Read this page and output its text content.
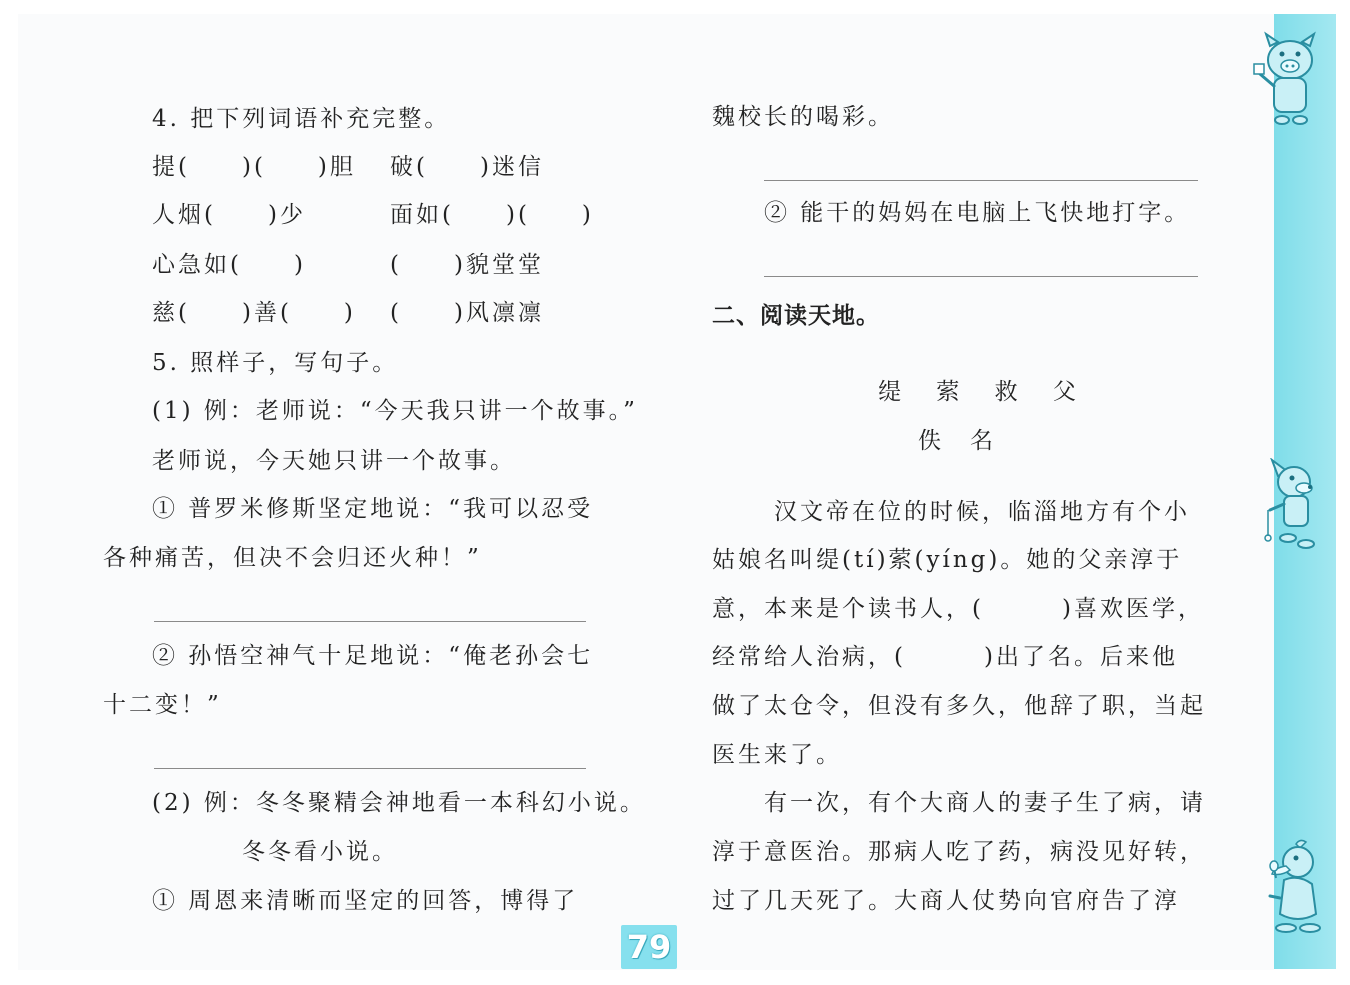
4. 把下列词语补充完整。
提(　　)(　　)胆 破(　　)迷信
人烟(　　)少	面如(　　)(　　)
心急如(　　)	(　　)貌堂堂
慈(　　)善(　　) (　　)风凛凛
5. 照样子，写句子。
(1) 例：老师说：“今天我只讲一个故事。”
老师说，今天她只讲一个故事。
① 普罗米修斯坚定地说：“我可以忍受
各种痛苦，但决不会归还火种！”
② 孙悟空神气十足地说：“俺老孙会七
十二变！”
(2) 例：冬冬聚精会神地看一本科幻小说。
冬冬看小说。
① 周恩来清晰而坚定的回答，博得了
魏校长的喝彩。
② 能干的妈妈在电脑上飞快地打字。
二、阅读天地。
缇 萦 救 父
佚　名
汉文帝在位的时候，临淄地方有个小
姑娘名叫缇(tí)萦(yíng)。她的父亲淳于
意，本来是个读书人，(　　　)喜欢医学，
经常给人治病，(　　　)出了名。后来他
做了太仓令，但没有多久，他辞了职，当起
医生来了。
有一次，有个大商人的妻子生了病，请
淳于意医治。那病人吃了药，病没见好转，
过了几天死了。大商人仗势向官府告了淳
79
